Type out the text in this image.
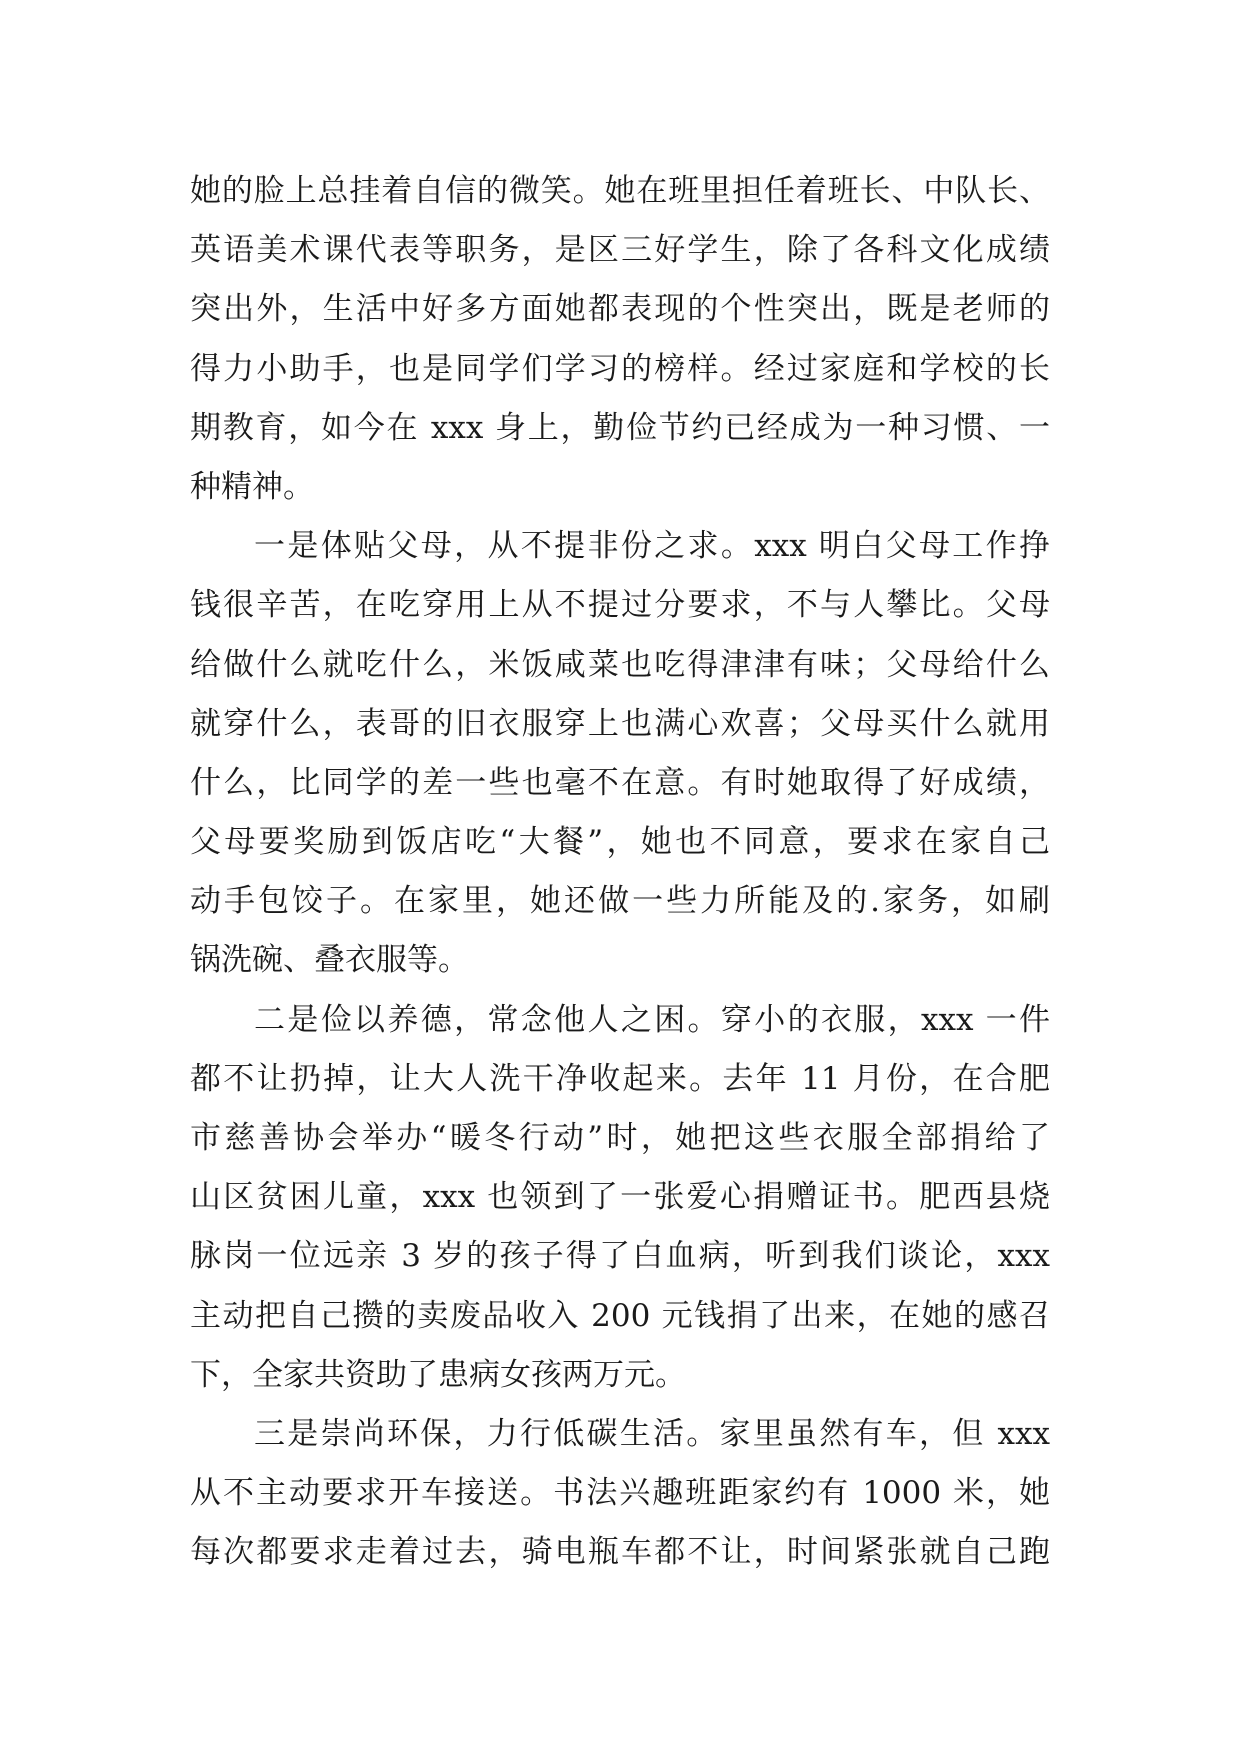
她的脸上总挂着自信的微笑。她在班里担任着班长、中队长、
英语美术课代表等职务，是区三好学生，除了各科文化成绩
突出外，生活中好多方面她都表现的个性突出，既是老师的
得力小助手，也是同学们学习的榜样。经过家庭和学校的长
期教育，如今在 xxx 身上，勤俭节约已经成为一种习惯、一
种精神。
一是体贴父母，从不提非份之求。xxx 明白父母工作挣
钱很辛苦，在吃穿用上从不提过分要求，不与人攀比。父母
给做什么就吃什么，米饭咸菜也吃得津津有味；父母给什么
就穿什么，表哥的旧衣服穿上也满心欢喜；父母买什么就用
什么，比同学的差一些也毫不在意。有时她取得了好成绩，
父母要奖励到饭店吃“大餐”，她也不同意，要求在家自己
动手包饺子。在家里，她还做一些力所能及的.家务，如刷
锅洗碗、叠衣服等。
二是俭以养德，常念他人之困。穿小的衣服，xxx 一件
都不让扔掉，让大人洗干净收起来。去年 11 月份，在合肥
市慈善协会举办“暖冬行动”时，她把这些衣服全部捐给了
山区贫困儿童，xxx 也领到了一张爱心捐赠证书。肥西县烧
脉岗一位远亲 3 岁的孩子得了白血病，听到我们谈论，xxx
主动把自己攒的卖废品收入 200 元钱捐了出来，在她的感召
下，全家共资助了患病女孩两万元。
三是崇尚环保，力行低碳生活。家里虽然有车，但 xxx
从不主动要求开车接送。书法兴趣班距家约有 1000 米，她
每次都要求走着过去，骑电瓶车都不让，时间紧张就自己跑
